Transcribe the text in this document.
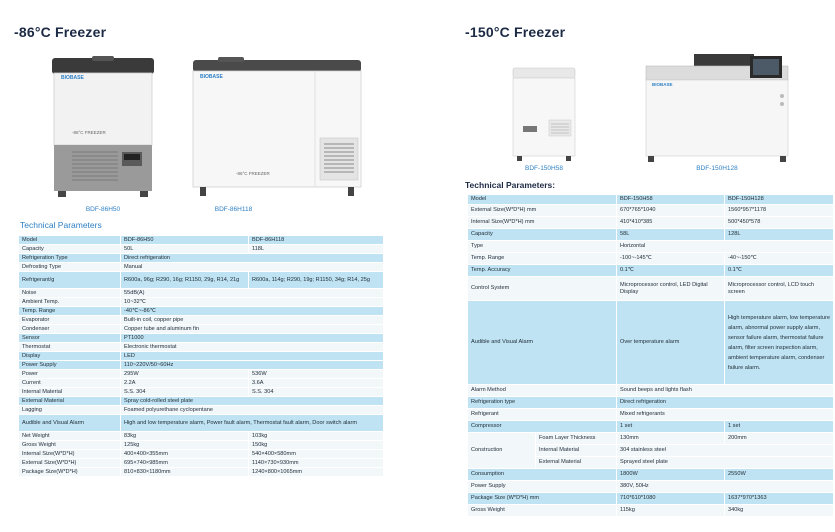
-86°C Freezer
BIOBASE
-86°C FREEZER
BDF-86H50
BIOBASE
-86°C FREEZER
BDF-86H118
Technical Parameters
Model	BDF-86H50	BDF-86H118
Capacity	50L	118L
Refrigeration Type	Direct refrigeration	
Defrosting Type	Manual	
Refrigerant/g	R600a, 96g; R290, 16g; R1150, 29g, R14, 21g	R600a, 114g; R290, 19g; R1150, 34g; R14, 25g
Noise	55dB(A)	
Ambient Temp.	10~32℃	
Temp. Range	-40℃~-86℃	
Evaporator	Built-in coil, copper pipe	
Condenser	Copper tube and aluminum fin	
Sensor	PT1000	
Thermostat	Electronic thermostat	
Display	LED	
Power Supply	110~220V/50~60Hz	
Power	295W	536W
Current	2.2A	3.6A
Internal Material	S.S. 304	S.S. 304
External Material	Spray cold-rolled steel plate	
Lagging	Foamed polyurethane cyclopentane	
Audible and Visual Alarm	High and low temperature alarm, Power fault alarm, Thermostat fault alarm, Door switch alarm	
Net Weight	83kg	103kg
Gross Weight	125kg	150kg
Internal Size(W*D*H)	400×400×355mm	540×400×580mm
External Size(W*D*H)	695×740×985mm	1140×730×930mm
Package Size(W*D*H)	810×830×1180mm	1240×800×1065mm
-150°C Freezer
BDF-150H58
BIOBASE
BDF-150H128
Technical Parameters:
Model		BDF-150H58	BDF-150H128
External Size(W*D*H) mm		670*765*1040	1560*957*1178
Internal Size(W*D*H) mm		410*410*385	500*450*578
Capacity		58L	128L
Type		Horizontal	
Temp. Range		-100~-145℃	-40~-150℃
Temp. Accuracy		0.1℃	0.1℃
Control System		Microprocessor control, LED Digital Display	Microprocessor control, LCD touch screen
Audible and Visual Alarm		Over temperature alarm	High temperature alarm, low temperature alarm, abnormal power supply alarm, sensor failure alarm, thermostat failure alarm, filter screen inspection alarm, ambient temperature alarm, condenser failure alarm.
Alarm Method		Sound beeps and lights flash	
Refrigeration type		Direct refrigeration	
Refrigerant		Mixed refrigerants	
Compressor		1 set	1 set
Construction	Foam Layer Thickness	130mm	200mm
	Internal Material	304 stainless steel	
	External Material	Sprayed steel plate	
Consumption		1800W	2550W
Power Supply		380V, 50Hz	
Package Size (W*D*H) mm		710*610*1080	1637*970*1363
Gross Weight		115kg	340kg
